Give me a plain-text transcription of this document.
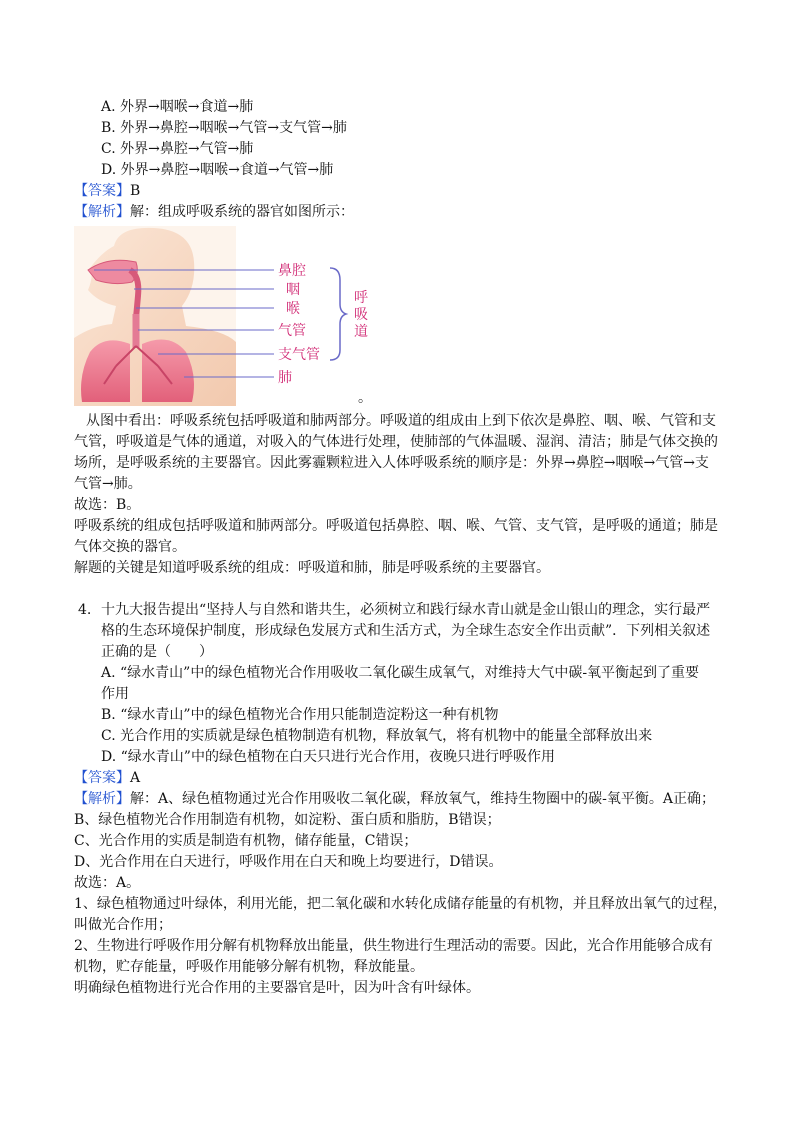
A. 外界→咽喉→食道→肺
B. 外界→鼻腔→咽喉→气管→支气管→肺
C. 外界→鼻腔→气管→肺
D. 外界→鼻腔→咽喉→食道→气管→肺
【答案】B
【解析】解：组成呼吸系统的器官如图所示：
鼻腔
咽
喉
气管
支气管
肺
呼
吸
道
。
从图中看出：呼吸系统包括呼吸道和肺两部分。呼吸道的组成由上到下依次是鼻腔、咽、喉、气管和支
气管，呼吸道是气体的通道，对吸入的气体进行处理，使肺部的气体温暖、湿润、清洁；肺是气体交换的
场所，是呼吸系统的主要器官。因此雾霾颗粒进入人体呼吸系统的顺序是：外界→鼻腔→咽喉→气管→支
气管→肺。
故选：B。
呼吸系统的组成包括呼吸道和肺两部分。呼吸道包括鼻腔、咽、喉、气管、支气管，是呼吸的通道；肺是
气体交换的器官。
解题的关键是知道呼吸系统的组成：呼吸道和肺，肺是呼吸系统的主要器官。
4. 十九大报告提出“坚持人与自然和谐共生，必须树立和践行绿水青山就是金山银山的理念，实行最严
格的生态环境保护制度，形成绿色发展方式和生活方式，为全球生态安全作出贡献”．下列相关叙述
正确的是（　　）
A. “绿水青山”中的绿色植物光合作用吸收二氧化碳生成氧气，对维持大气中碳-氧平衡起到了重要
作用
B. “绿水青山”中的绿色植物光合作用只能制造淀粉这一种有机物
C. 光合作用的实质就是绿色植物制造有机物，释放氧气，将有机物中的能量全部释放出来
D. “绿水青山”中的绿色植物在白天只进行光合作用，夜晚只进行呼吸作用
【答案】A
【解析】解：A、绿色植物通过光合作用吸收二氧化碳，释放氧气，维持生物圈中的碳-氧平衡。A正确；
B、绿色植物光合作用制造有机物，如淀粉、蛋白质和脂肪，B错误；
C、光合作用的实质是制造有机物，储存能量，C错误；
D、光合作用在白天进行，呼吸作用在白天和晚上均要进行，D错误。
故选：A。
1、绿色植物通过叶绿体，利用光能，把二氧化碳和水转化成储存能量的有机物，并且释放出氧气的过程，
叫做光合作用；
2、生物进行呼吸作用分解有机物释放出能量，供生物进行生理活动的需要。因此，光合作用能够合成有
机物，贮存能量，呼吸作用能够分解有机物，释放能量。
明确绿色植物进行光合作用的主要器官是叶，因为叶含有叶绿体。
